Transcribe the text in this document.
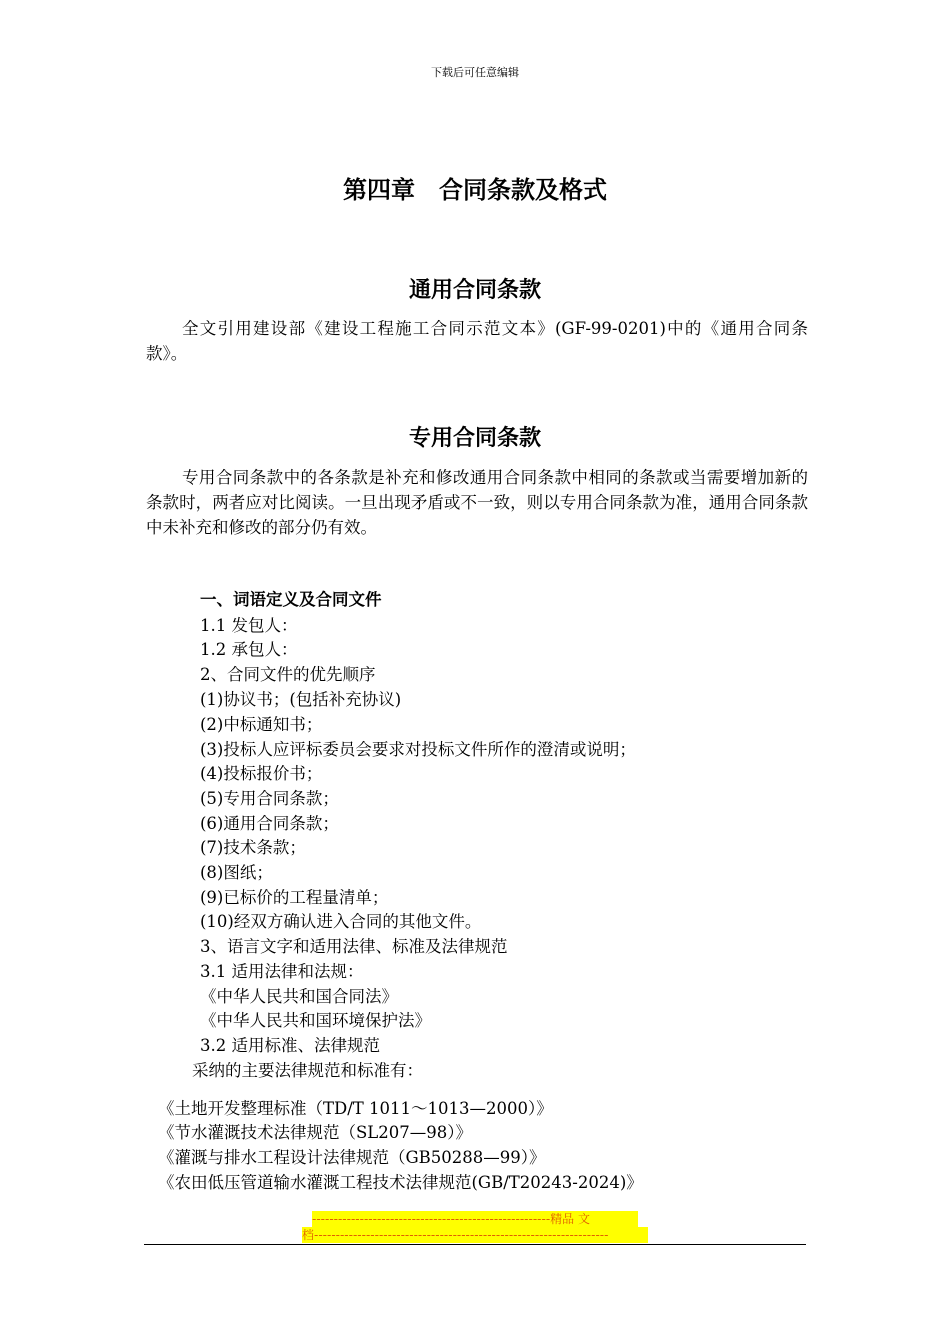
下载后可任意编辑
第四章　合同条款及格式
通用合同条款
全文引用建设部《建设工程施工合同示范文本》(GF-99-0201)中的《通用合同条款》。
专用合同条款
专用合同条款中的各条款是补充和修改通用合同条款中相同的条款或当需要增加新的条款时，两者应对比阅读。一旦出现矛盾或不一致，则以专用合同条款为准，通用合同条款中未补充和修改的部分仍有效。
一、词语定义及合同文件
1.1 发包人：
1.2 承包人：
2、合同文件的优先顺序
(1)协议书；(包括补充协议)
(2)中标通知书；
(3)投标人应评标委员会要求对投标文件所作的澄清或说明；
(4)投标报价书；
(5)专用合同条款；
(6)通用合同条款；
(7)技术条款；
(8)图纸；
(9)已标价的工程量清单；
(10)经双方确认进入合同的其他文件。
3、语言文字和适用法律、标准及法律规范
3.1 适用法律和法规：
《中华人民共和国合同法》
《中华人民共和国环境保护法》
3.2 适用标准、法律规范
采纳的主要法律规范和标准有：
《土地开发整理标准（TD/T 1011～1013—2000）》
《节水灌溉技术法律规范（SL207—98）》
《灌溉与排水工程设计法律规范（GB50288—99）》
《农田低压管道输水灌溉工程技术法律规范(GB/T20243-2024)》
-------------------------------------------------------精品 文
档--------------------------------------------------------------------
